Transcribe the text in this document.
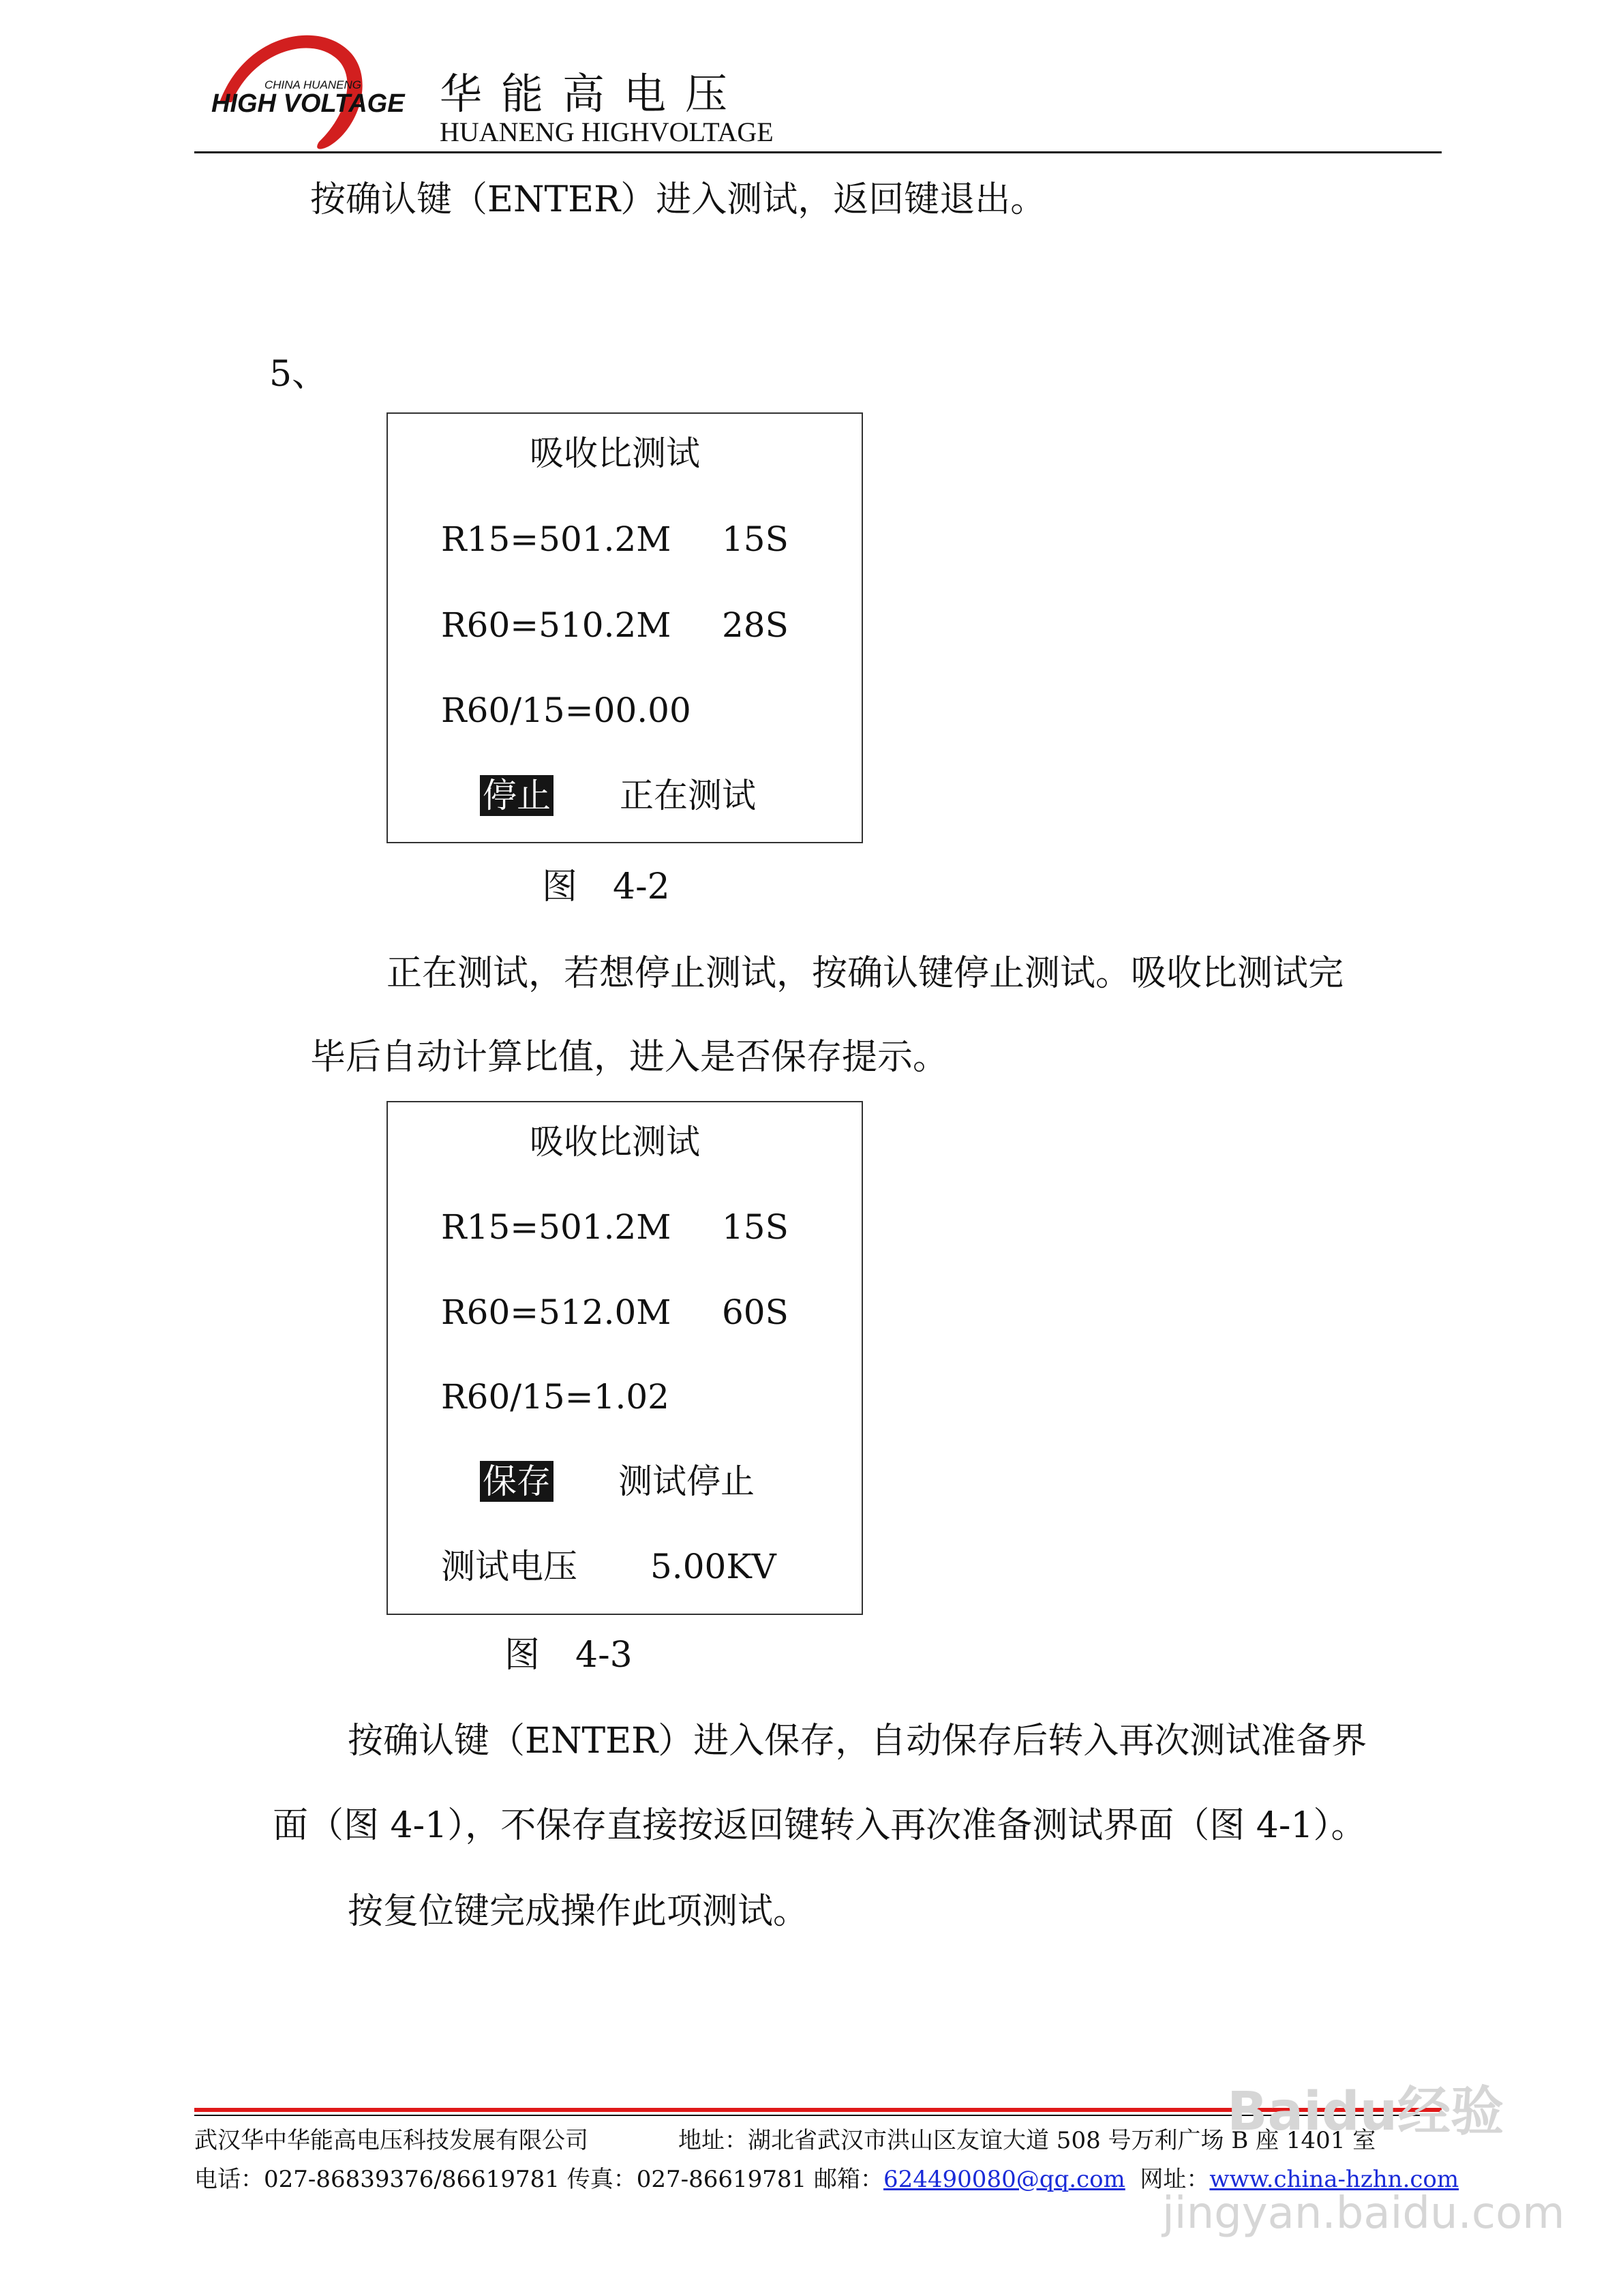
CHINA HUANENG
HIGH VOLTAGE 华能高电压
HUANENG HIGHVOLTAGE
按确认键（ENTER）进入测试，返回键退出。
5、
吸收比测试
R15=501.2M 15S
R60=510.2M 28S
R60/15=00.00
停止 正在测试
图　4-2
正在测试，若想停止测试，按确认键停止测试。吸收比测试完
毕后自动计算比值，进入是否保存提示。
吸收比测试
R15=501.2M 15S
R60=512.0M 60S
R60/15=1.02
保存 测试停止
测试电压 5.00KV
图　4-3
按确认键（ENTER）进入保存，自动保存后转入再次测试准备界
面（图 4-1），不保存直接按返回键转入再次准备测试界面（图 4-1）。
按复位键完成操作此项测试。
武汉华中华能高电压科技发展有限公司	地址：湖北省武汉市洪山区友谊大道 508 号万利广场 B 座 1401 室
电话：027-86839376/86619781 传真：027-86619781 邮箱：624490080@qq.com 网址：www.china-hzhn.com
Baidu经验
jingyan.baidu.com
